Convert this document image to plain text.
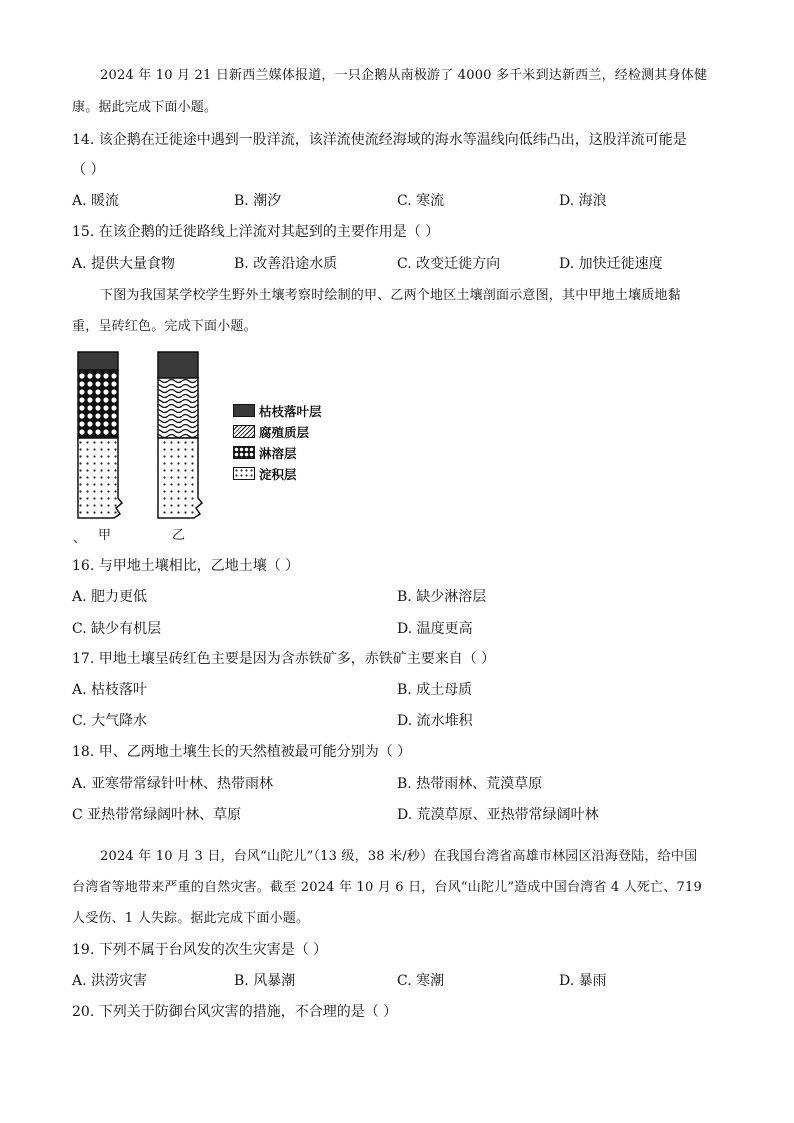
2024 年 10 月 21 日新西兰媒体报道，一只企鹅从南极游了 4000 多千米到达新西兰，经检测其身体健
康。据此完成下面小题。
14. 该企鹅在迁徙途中遇到一股洋流，该洋流使流经海域的海水等温线向低纬凸出，这股洋流可能是
（ ）
A. 暖流	B. 潮汐	C. 寒流	D. 海浪
15. 在该企鹅的迁徙路线上洋流对其起到的主要作用是（ ）
A. 提供大量食物	B. 改善沿途水质	C. 改变迁徙方向	D. 加快迁徙速度
下图为我国某学校学生野外土壤考察时绘制的甲、乙两个地区土壤剖面示意图，其中甲地土壤质地黏
重，呈砖红色。完成下面小题。
枯枝落叶层
腐殖质层
淋溶层
淀积层
、 甲	乙
16. 与甲地土壤相比，乙地土壤（ ）
A. 肥力更低	B. 缺少淋溶层
C. 缺少有机层	D. 温度更高
17. 甲地土壤呈砖红色主要是因为含赤铁矿多，赤铁矿主要来自（ ）
A. 枯枝落叶	B. 成土母质
C. 大气降水	D. 流水堆积
18. 甲、乙两地土壤生长的天然植被最可能分别为（ ）
A. 亚寒带常绿针叶林、热带雨林	B. 热带雨林、荒漠草原
C 亚热带常绿阔叶林、草原	D. 荒漠草原、亚热带常绿阔叶林
2024 年 10 月 3 日，台风“山陀儿”（13 级，38 米/秒）在我国台湾省高雄市林园区沿海登陆，给中国
台湾省等地带来严重的自然灾害。截至 2024 年 10 月 6 日，台风“山陀儿”造成中国台湾省 4 人死亡、719
人受伤、1 人失踪。据此完成下面小题。
19. 下列不属于台风发的次生灾害是（ ）
A. 洪涝灾害	B. 风暴潮	C. 寒潮	D. 暴雨
20. 下列关于防御台风灾害的措施，不合理的是（ ）
